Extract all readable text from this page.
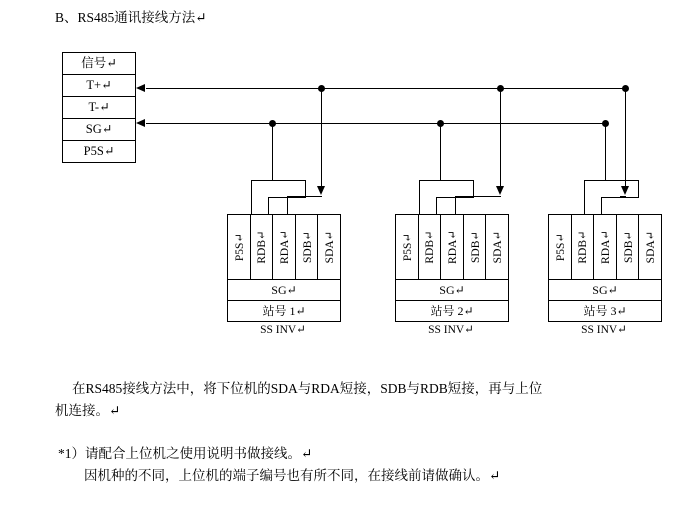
B、RS485通讯接线方法↵
信号↵
T+↵
T-↵
SG↵
P5S↵
P5S↵ RDB↵ RDA↵ SDB↵ SDA↵
SG↵
站号 1↵
SS INV↵
P5S↵ RDB↵ RDA↵ SDB↵ SDA↵
SG↵
站号 2↵
SS INV↵
P5S↵ RDB↵ RDA↵ SDB↵ SDA↵
SG↵
站号 3↵
SS INV↵
在RS485接线方法中，将下位机的SDA与RDA短接，SDB与RDB短接，再与上位
机连接。↵
*1）请配合上位机之使用说明书做接线。↵
因机种的不同，上位机的端子编号也有所不同，在接线前请做确认。↵
